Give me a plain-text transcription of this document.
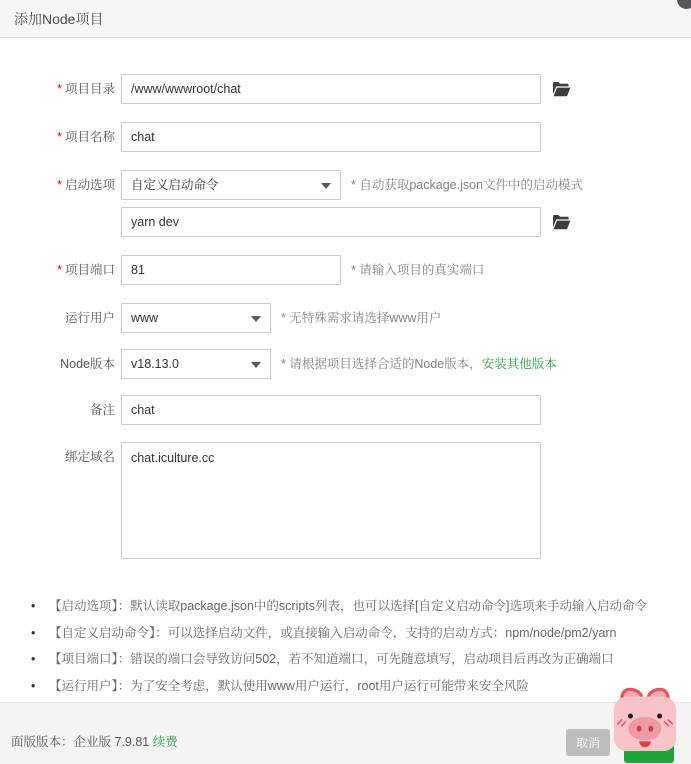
添加Node项目
* 项目目录
/www/wwwroot/chat
* 项目名称
chat
* 启动选项	自定义启动命令	* 自动获取package.json文件中的启动模式
yarn dev
* 项目端口
81	* 请输入项目的真实端口
运行用户	www	* 无特殊需求请选择www用户
Node版本	v18.13.0	* 请根据项目选择合适的Node版本，安装其他版本
备注
chat
绑定域名
chat.iculture.cc
• 【启动选项】：默认读取package.json中的scripts列表，也可以选择[自定义启动命令]选项来手动输入启动命令
• 【自定义启动命令】：可以选择启动文件，或直接输入启动命令，支持的启动方式：npm/node/pm2/yarn
• 【项目端口】：错误的端口会导致访问502，若不知道端口，可先随意填写，启动项目后再改为正确端口
• 【运行用户】：为了安全考虑，默认使用www用户运行，root用户运行可能带来安全风险
面版版本：企业版 7.9.81 续费	取消
